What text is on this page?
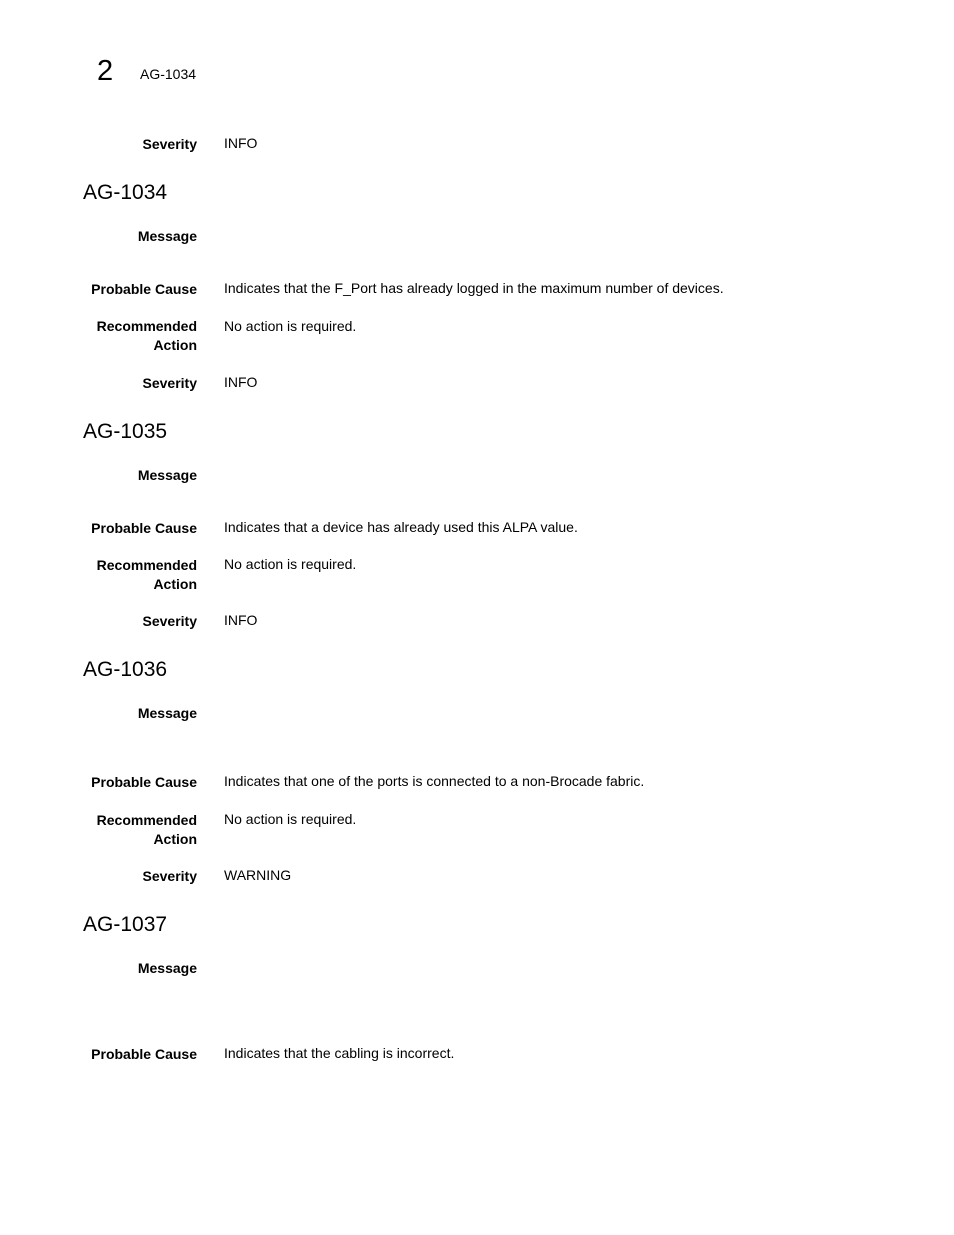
2 AG-1034
Severity INFO
AG-1034
Message
Probable Cause Indicates that the F_Port has already logged in the maximum number of devices.
Recommended
Action
No action is required.
Severity INFO
AG-1035
Message
Probable Cause Indicates that a device has already used this ALPA value.
Recommended
Action
No action is required.
Severity INFO
AG-1036
Message
Probable Cause Indicates that one of the ports is connected to a non-Brocade fabric.
Recommended
Action
No action is required.
Severity WARNING
AG-1037
Message
Probable Cause Indicates that the cabling is incorrect.
